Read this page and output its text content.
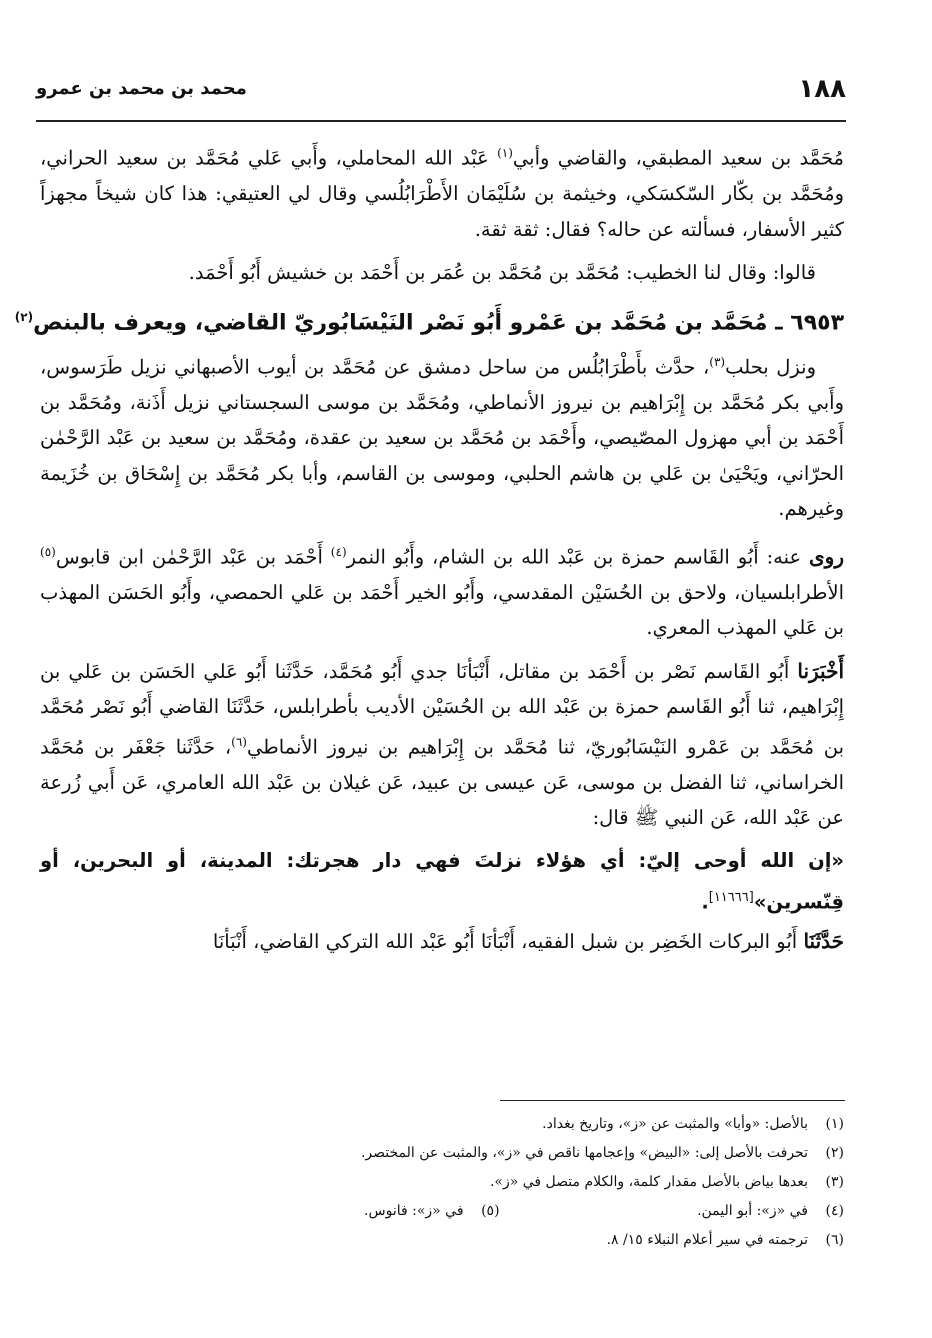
١٨٨
محمد بن محمد بن عمرو

مُحَمَّد بن سعيد المطبقي، والقاضي وأبي$^{(١)}$ عَبْد الله المحاملي، وأَبي عَلي مُحَمَّد بن سعيد الحراني، ومُحَمَّد بن بكّار السّكسَكي، وخيثمة بن سُلَيْمَان الأَطْرَابُلُسي وقال لي العتيقي: هذا كان شيخاً مجهزاً كثير الأسفار، فسألته عن حاله؟ فقال: ثقة ثقة.

قالوا: وقال لنا الخطيب: مُحَمَّد بن مُحَمَّد بن عُمَر بن أَحْمَد بن خشيش أَبُو أَحْمَد.

٦٩٥٣ ـ مُحَمَّد بن مُحَمَّد بن عَمْرو أَبُو نَصْر النَيْسَابُوريّ القاضي، ويعرف بالبنص$^{(٢)}$

ونزل بحلب$^{(٣)}$، حدَّث بأَطْرَابُلُس من ساحل دمشق عن مُحَمَّد بن أيوب الأصبهاني نزيل طَرَسوس، وأَبي بكر مُحَمَّد بن إِبْرَاهيم بن نيروز الأنماطي، ومُحَمَّد بن موسى السجستاني نزيل أَذَنة، ومُحَمَّد بن أَحْمَد بن أبي مهزول المصّيصي، وأَحْمَد بن مُحَمَّد بن سعيد بن عقدة، ومُحَمَّد بن سعيد بن عَبْد الرَّحْمٰن الحرّاني، ويَحْيَىٰ بن عَلي بن هاشم الحلبي، وموسى بن القاسم، وأبا بكر مُحَمَّد بن إِسْحَاق بن خُزَيمة وغيرهم.

روى عنه: أَبُو القَاسم حمزة بن عَبْد الله بن الشام، وأَبُو النمر$^{(٤)}$ أَحْمَد بن عَبْد الرَّحْمٰن ابن قابوس$^{(٥)}$ الأطرابلسيان، ولاحق بن الحُسَيْن المقدسي، وأَبُو الخير أَحْمَد بن عَلي الحمصي، وأَبُو الحَسَن المهذب بن عَلي المهذب المعري.

أَخْبَرَنا أَبُو القَاسم نَصْر بن أَحْمَد بن مقاتل، أَنْبَأنَا جدي أَبُو مُحَمَّد، حَدَّثَنا أَبُو عَلي الحَسَن بن عَلي بن إِبْرَاهيم، ثنا أَبُو القَاسم حمزة بن عَبْد الله بن الحُسَيْن الأديب بأطرابلس، حَدَّثَنَا القاضي أَبُو نَصْر مُحَمَّد بن مُحَمَّد بن عَمْرو النَيْسَابُوريّ، ثنا مُحَمَّد بن إِبْرَاهيم بن نيروز الأنماطي$^{(٦)}$، حَدَّثَنا جَعْفَر بن مُحَمَّد الخراساني، ثنا الفضل بن موسى، عَن عيسى بن عبيد، عَن غيلان بن عَبْد الله العامري، عَن أَبي زُرعة عن عَبْد الله، عَن النبي ﷺ قال:

«إن الله أوحى إليّ: أي هؤلاء نزلتَ فهي دار هجرتك: المدينة، أو البحرين، أو قِنّسرين»[١١٦٦٦].

حَدَّثَنَا أَبُو البركات الخَضِر بن شبل الفقيه، أَنْبَأنَا أَبُو عَبْد الله التركي القاضي، أَنْبَأنَا

(١)بالأصل: «وأبا» والمثبت عن «ز»، وتاريخ بغداد.
(٢)تحرفت بالأصل إلى: «البيض» وإعجامها ناقص في «ز»، والمثبت عن المختصر.
(٣)بعدها بياض بالأصل مقدار كلمة، والكلام متصل في «ز».
(٤)في «ز»: أبو اليمن. (٥)في «ز»: فانوس.
(٦)ترجمته في سير أعلام النبلاء ١٥/ ٨.
